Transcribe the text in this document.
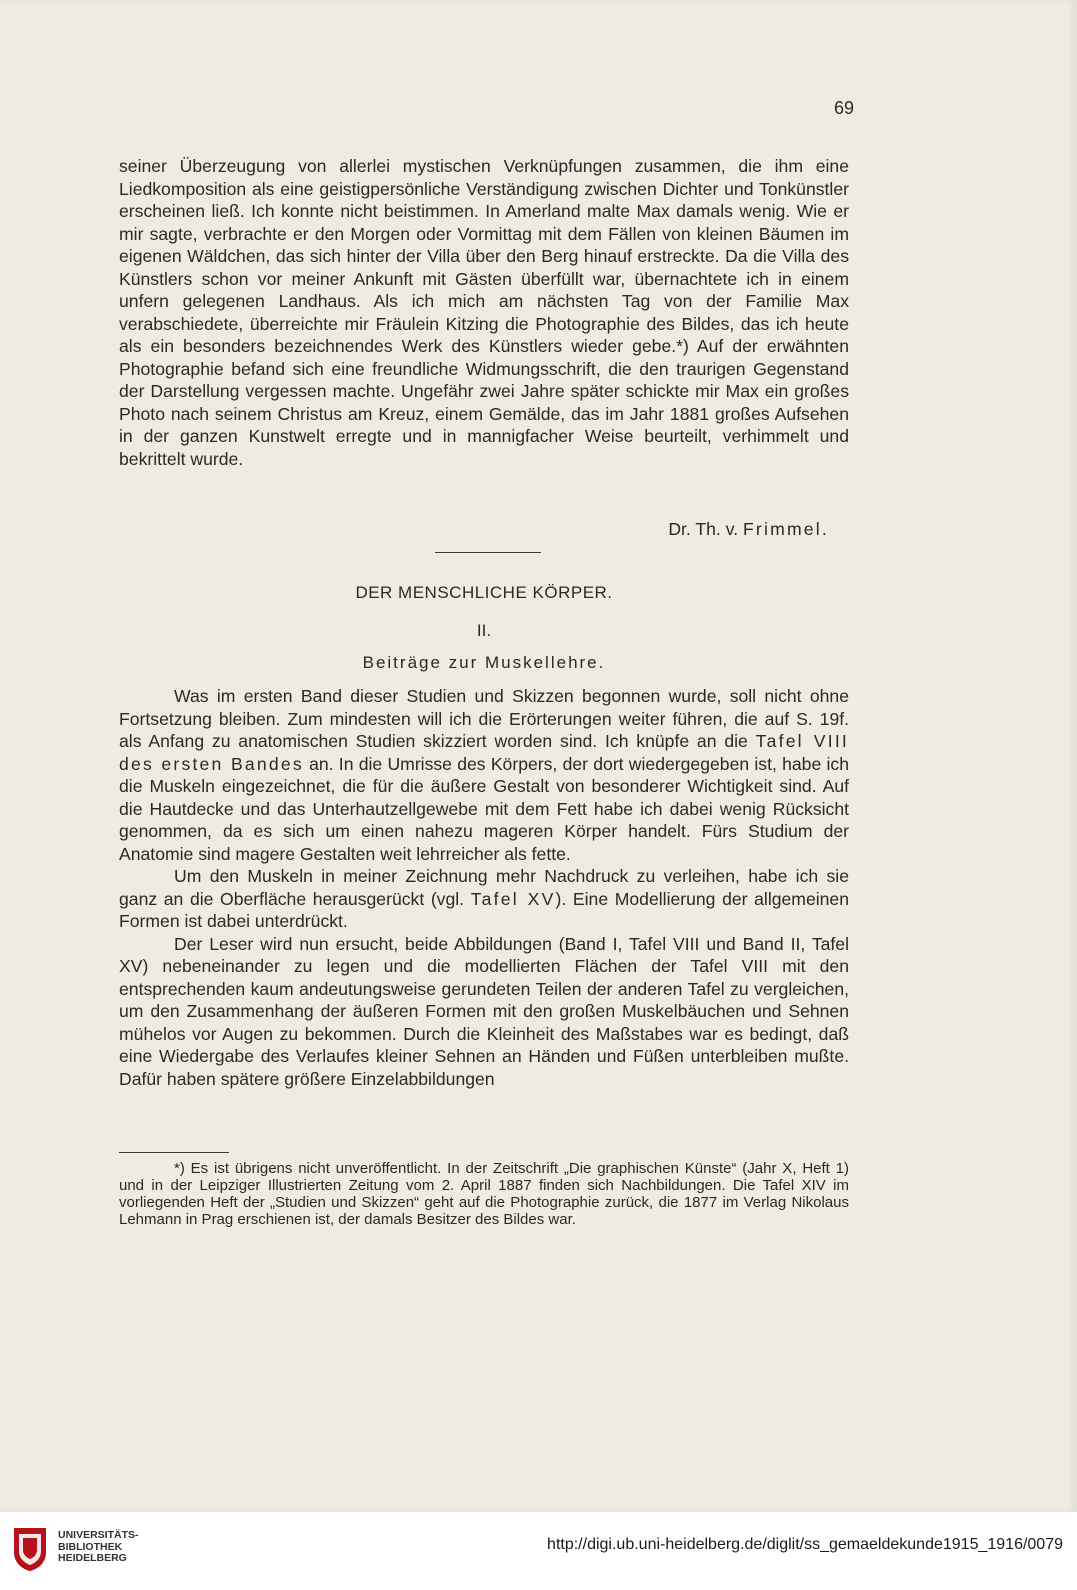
69

seiner Überzeugung von allerlei mystischen Verknüpfungen zusammen, die ihm eine Liedkomposition als eine geistigpersönliche Verständigung zwischen Dichter und Tonkünstler erscheinen ließ. Ich konnte nicht beistimmen. In Amerland malte Max damals wenig. Wie er mir sagte, verbrachte er den Morgen oder Vormittag mit dem Fällen von kleinen Bäumen im eigenen Wäldchen, das sich hinter der Villa über den Berg hinauf erstreckte. Da die Villa des Künstlers schon vor meiner Ankunft mit Gästen überfüllt war, übernachtete ich in einem unfern gelegenen Landhaus. Als ich mich am nächsten Tag von der Familie Max verabschiedete, überreichte mir Fräulein Kitzing die Photographie des Bildes, das ich heute als ein besonders bezeichnendes Werk des Künstlers wieder gebe.*) Auf der erwähnten Photographie befand sich eine freundliche Widmungsschrift, die den traurigen Gegenstand der Darstellung vergessen machte. Ungefähr zwei Jahre später schickte mir Max ein großes Photo nach seinem Christus am Kreuz, einem Gemälde, das im Jahr 1881 großes Aufsehen in der ganzen Kunstwelt erregte und in mannigfacher Weise beurteilt, verhimmelt und bekrittelt wurde.

Dr. Th. v. Frimmel.
DER MENSCHLICHE KÖRPER.
II.
Beiträge zur Muskellehre.

Was im ersten Band dieser Studien und Skizzen begonnen wurde, soll nicht ohne Fortsetzung bleiben. Zum mindesten will ich die Erörterungen weiter führen, die auf S. 19f. als Anfang zu anatomischen Studien skizziert worden sind. Ich knüpfe an die Tafel VIII des ersten Bandes an. In die Umrisse des Körpers, der dort wiedergegeben ist, habe ich die Muskeln eingezeichnet, die für die äußere Gestalt von besonderer Wichtigkeit sind. Auf die Hautdecke und das Unterhautzellgewebe mit dem Fett habe ich dabei wenig Rücksicht genommen, da es sich um einen nahezu mageren Körper handelt. Fürs Studium der Anatomie sind magere Gestalten weit lehrreicher als fette.

Um den Muskeln in meiner Zeichnung mehr Nachdruck zu verleihen, habe ich sie ganz an die Oberfläche herausgerückt (vgl. Tafel XV). Eine Modellierung der allgemeinen Formen ist dabei unterdrückt.

Der Leser wird nun ersucht, beide Abbildungen (Band I, Tafel VIII und Band II, Tafel XV) nebeneinander zu legen und die modellierten Flächen der Tafel VIII mit den entsprechenden kaum andeutungsweise gerundeten Teilen der anderen Tafel zu vergleichen, um den Zusammenhang der äußeren Formen mit den großen Muskelbäuchen und Sehnen mühelos vor Augen zu bekommen. Durch die Kleinheit des Maßstabes war es bedingt, daß eine Wiedergabe des Verlaufes kleiner Sehnen an Händen und Füßen unterbleiben mußte. Dafür haben spätere größere Einzelabbildungen

*) Es ist übrigens nicht unveröffentlicht. In der Zeitschrift „Die graphischen Künste“ (Jahr X, Heft 1) und in der Leipziger Illustrierten Zeitung vom 2. April 1887 finden sich Nachbildungen. Die Tafel XIV im vorliegenden Heft der „Studien und Skizzen“ geht auf die Photographie zurück, die 1877 im Verlag Nikolaus Lehmann in Prag erschienen ist, der damals Besitzer des Bildes war.
UNIVERSITÄTS-
BIBLIOTHEK
HEIDELBERG
http://digi.ub.uni-heidelberg.de/diglit/ss_gemaeldekunde1915_1916/0079
